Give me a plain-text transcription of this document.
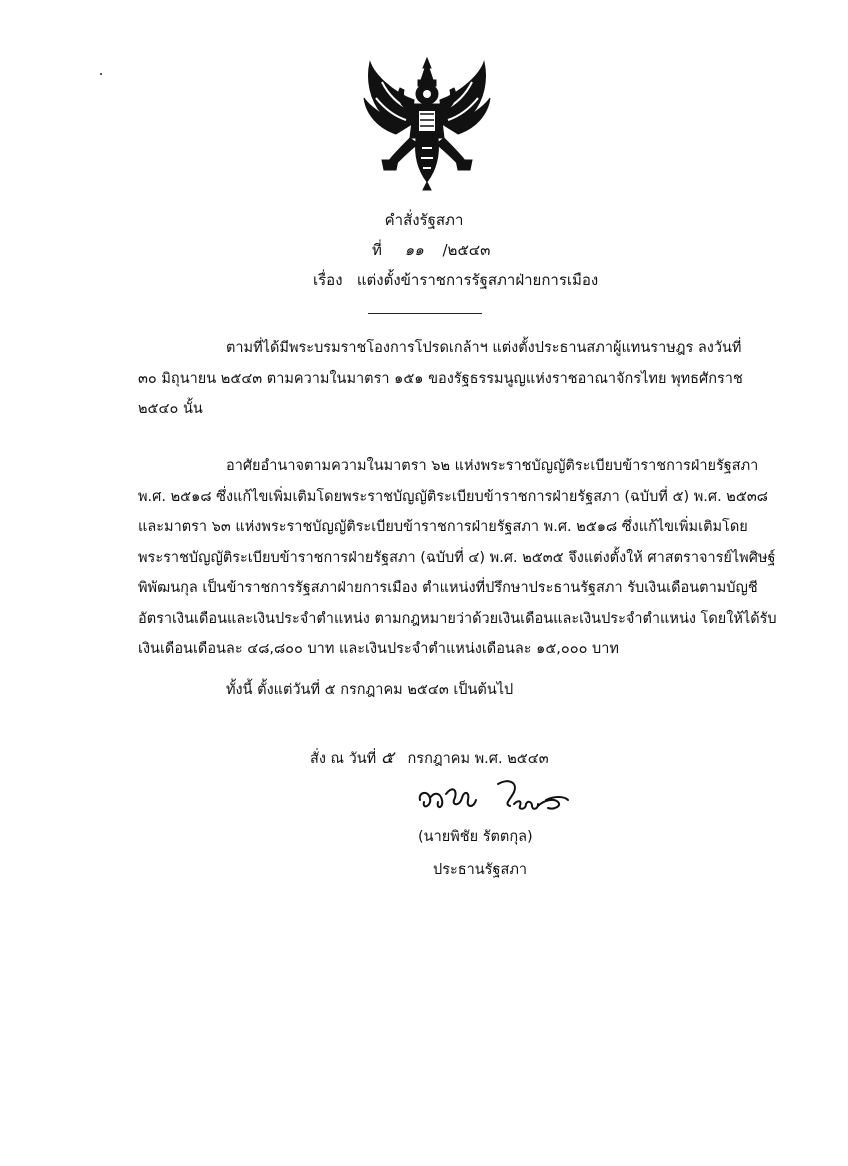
คำสั่งรัฐสภา
ที่ ๑๑ /๒๕๔๓
เรื่อง แต่งตั้งข้าราชการรัฐสภาฝ่ายการเมือง
ตามที่ได้มีพระบรมราชโองการโปรดเกล้าฯ แต่งตั้งประธานสภาผู้แทนราษฎร ลงวันที่
๓๐ มิถุนายน ๒๕๔๓ ตามความในมาตรา ๑๕๑ ของรัฐธรรมนูญแห่งราชอาณาจักรไทย พุทธศักราช
๒๕๔๐ นั้น
อาศัยอำนาจตามความในมาตรา ๖๒ แห่งพระราชบัญญัติระเบียบข้าราชการฝ่ายรัฐสภา
พ.ศ. ๒๕๑๘ ซึ่งแก้ไขเพิ่มเติมโดยพระราชบัญญัติระเบียบข้าราชการฝ่ายรัฐสภา (ฉบับที่ ๕) พ.ศ. ๒๕๓๘
และมาตรา ๖๓ แห่งพระราชบัญญัติระเบียบข้าราชการฝ่ายรัฐสภา พ.ศ. ๒๕๑๘ ซึ่งแก้ไขเพิ่มเติมโดย
พระราชบัญญัติระเบียบข้าราชการฝ่ายรัฐสภา (ฉบับที่ ๔) พ.ศ. ๒๕๓๕ จึงแต่งตั้งให้ ศาสตราจารย์ไพศิษฐ์
พิพัฒนกุล เป็นข้าราชการรัฐสภาฝ่ายการเมือง ตำแหน่งที่ปรึกษาประธานรัฐสภา รับเงินเดือนตามบัญชี
อัตราเงินเดือนและเงินประจำตำแหน่ง ตามกฎหมายว่าด้วยเงินเดือนและเงินประจำตำแหน่ง โดยให้ได้รับ
เงินเดือนเดือนละ ๔๘,๘๐๐ บาท และเงินประจำตำแหน่งเดือนละ ๑๕,๐๐๐ บาท
ทั้งนี้ ตั้งแต่วันที่ ๕ กรกฎาคม ๒๕๔๓ เป็นต้นไป
สั่ง ณ วันที่ ๕ กรกฎาคม พ.ศ. ๒๕๔๓
(นายพิชัย รัตตกุล)
ประธานรัฐสภา
